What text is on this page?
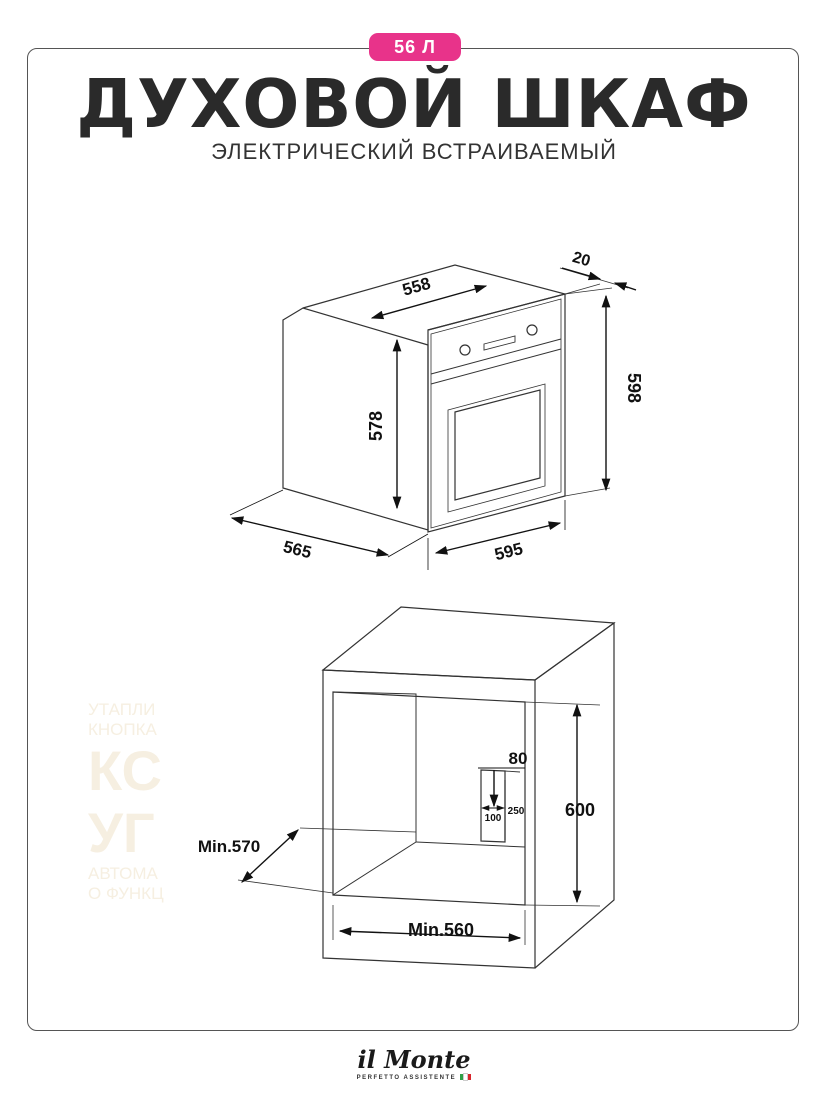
56 Л
ДУХОВОЙ ШКАФ
ЭЛЕКТРИЧЕСКИЙ ВСТРАИВАЕМЫЙ
УТАПЛИ
КНОПКА
КС
УГ
АВТОМА
О ФУНКЦ
558
20
598
578
565	595
80
100
250 600
Min.570
Min.560
il Monte
PERFETTO ASSISTENTE
